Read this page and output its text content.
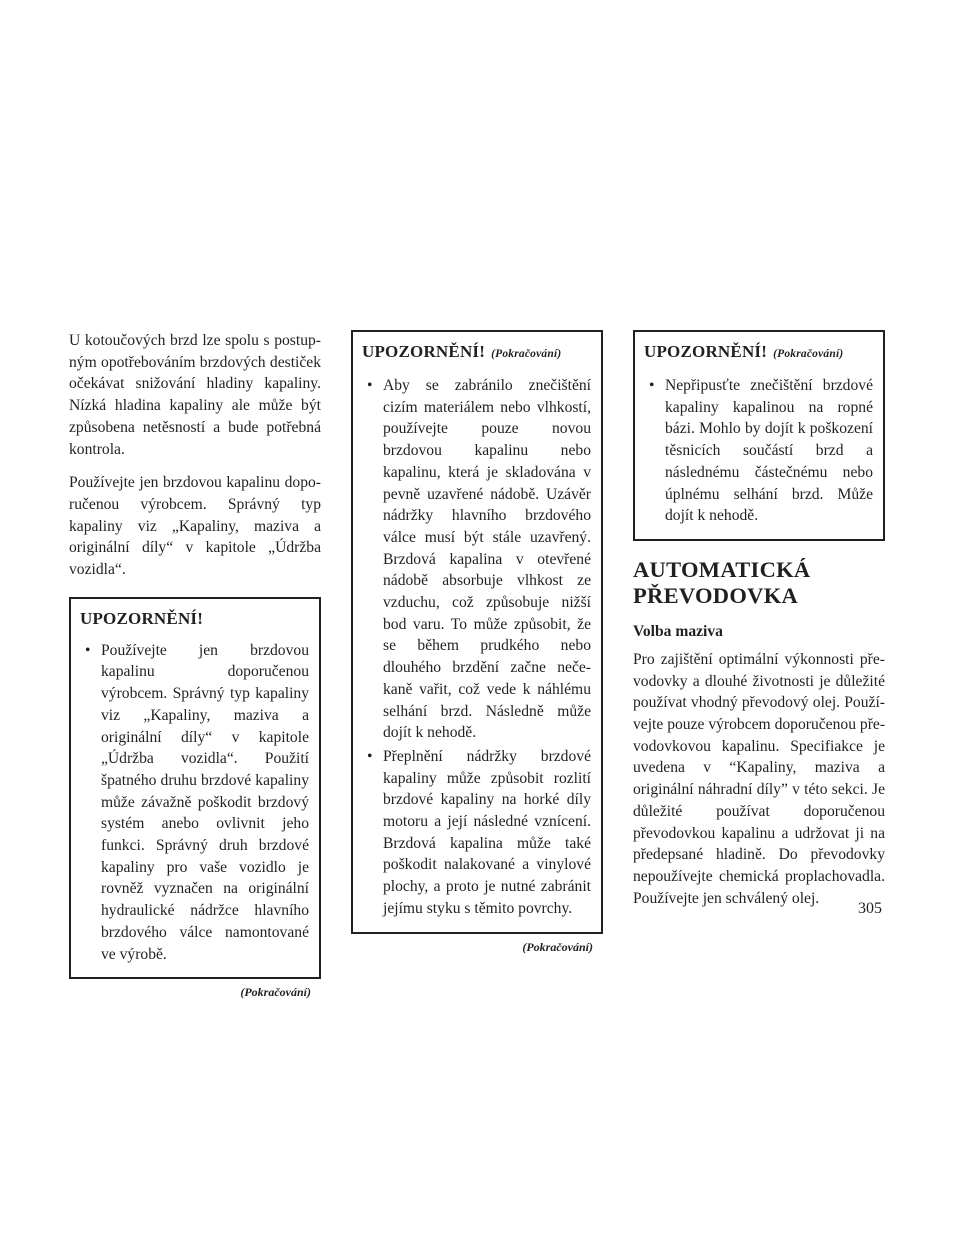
U kotoučových brzd lze spolu s postupným opotřebováním brzdových destiček očekávat snižování hladiny kapaliny. Nízká hladina kapaliny ale může být způsobena netěsností a bude potřebná kontrola.

Používejte jen brzdovou kapalinu doporučenou výrobcem. Správný typ kapaliny viz „Kapaliny, maziva a originální díly“ v kapitole „Údržba vozidla“.

UPOZORNĚNÍ!
• Používejte jen brzdovou kapalinu doporučenou výrobcem. Správný typ kapaliny viz „Kapaliny, maziva a originální díly“ v kapitole „Údržba vozidla“. Použití špatného druhu brzdové kapaliny může závažně poškodit brzdový systém anebo ovlivnit jeho funkci. Správný druh brzdové kapaliny pro vaše vozidlo je rovněž vyznačen na originální hydraulické nádržce hlavního brzdového válce namontované ve výrobě.
(Pokračování)
UPOZORNĚNÍ! (Pokračování)
• Aby se zabránilo znečištění cizím materiálem nebo vlhkostí, používejte pouze novou brzdovou kapalinu nebo kapalinu, která je skladována v pevně uzavřené nádobě. Uzávěr nádržky hlavního brzdového válce musí být stále uzavřený. Brzdová kapalina v otevřené nádobě absorbuje vlhkost ze vzduchu, což způsobuje nižší bod varu. To může způsobit, že se během prudkého nebo dlouhého brzdění začne nečekaně vařit, což vede k náhlému selhání brzd. Následně může dojít k nehodě.
• Přeplnění nádržky brzdové kapaliny může způsobit rozlití brzdové kapaliny na horké díly motoru a její následné vznícení. Brzdová kapalina může také poškodit nalakované a vinylové plochy, a proto je nutné zabránit jejímu styku s těmito povrchy.
(Pokračování)
UPOZORNĚNÍ! (Pokračování)
• Nepřipusťte znečištění brzdové kapaliny kapalinou na ropné bázi. Mohlo by dojít k poškození těsnicích součástí brzd a následnému částečnému nebo úplnému selhání brzd. Může dojít k nehodě.
AUTOMATICKÁ
PŘEVODOVKA
Volba maziva

Pro zajištění optimální výkonnosti převodovky a dlouhé životnosti je důležité používat vhodný převodový olej. Používejte pouze výrobcem doporučenou převodovkovou kapalinu. Specifiakce je uvedena v “Kapaliny, maziva a originální náhradní díly” v této sekci. Je důležité používat doporučenou převodovkou kapalinu a udržovat ji na předepsané hladině. Do převodovky nepoužívejte chemická proplachovadla. Používejte jen schválený olej.

305
